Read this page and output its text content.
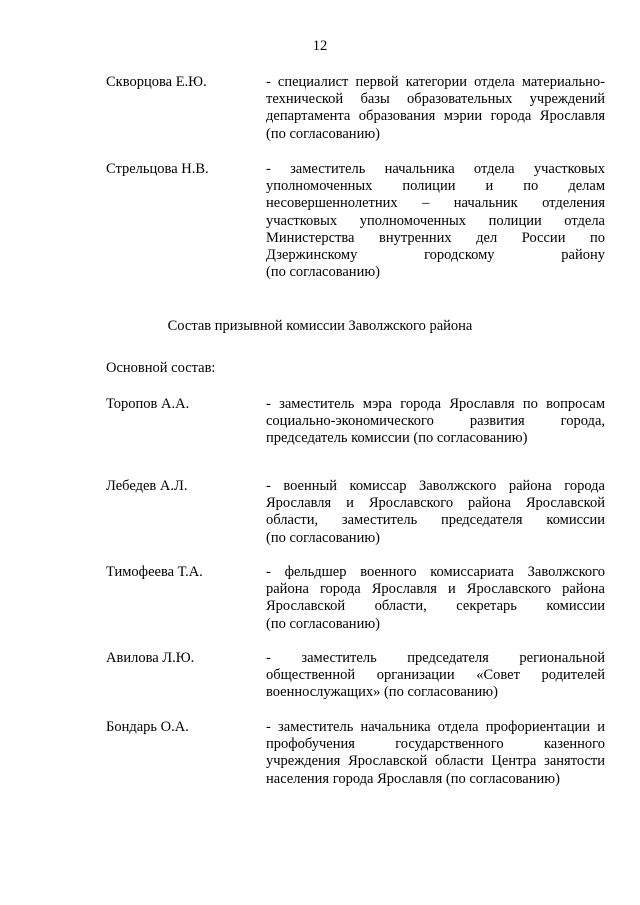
12
Скворцова Е.Ю.	- специалист первой категории отдела материально-
технической базы образовательных учреждений
департамента образования мэрии города Ярославля
(по согласованию)
Стрельцова Н.В.	- заместитель начальника отдела участковых
уполномоченных полиции и по делам
несовершеннолетних – начальник отделения
участковых уполномоченных полиции отдела
Министерства внутренних дел России по
Дзержинскому городскому району
(по согласованию)
Состав призывной комиссии Заволжского района
Основной состав:
Торопов А.А.	- заместитель мэра города Ярославля по вопросам
социально-экономического развития города,
председатель комиссии (по согласованию)
Лебедев А.Л.	- военный комиссар Заволжского района города
Ярославля и Ярославского района Ярославской
области, заместитель председателя комиссии
(по согласованию)
Тимофеева Т.А.	- фельдшер военного комиссариата Заволжского
района города Ярославля и Ярославского района
Ярославской области, секретарь комиссии
(по согласованию)
Авилова Л.Ю.	- заместитель председателя региональной
общественной организации «Совет родителей
военнослужащих» (по согласованию)
Бондарь О.А.	- заместитель начальника отдела профориентации и
профобучения государственного казенного
учреждения Ярославской области Центра занятости
населения города Ярославля (по согласованию)
